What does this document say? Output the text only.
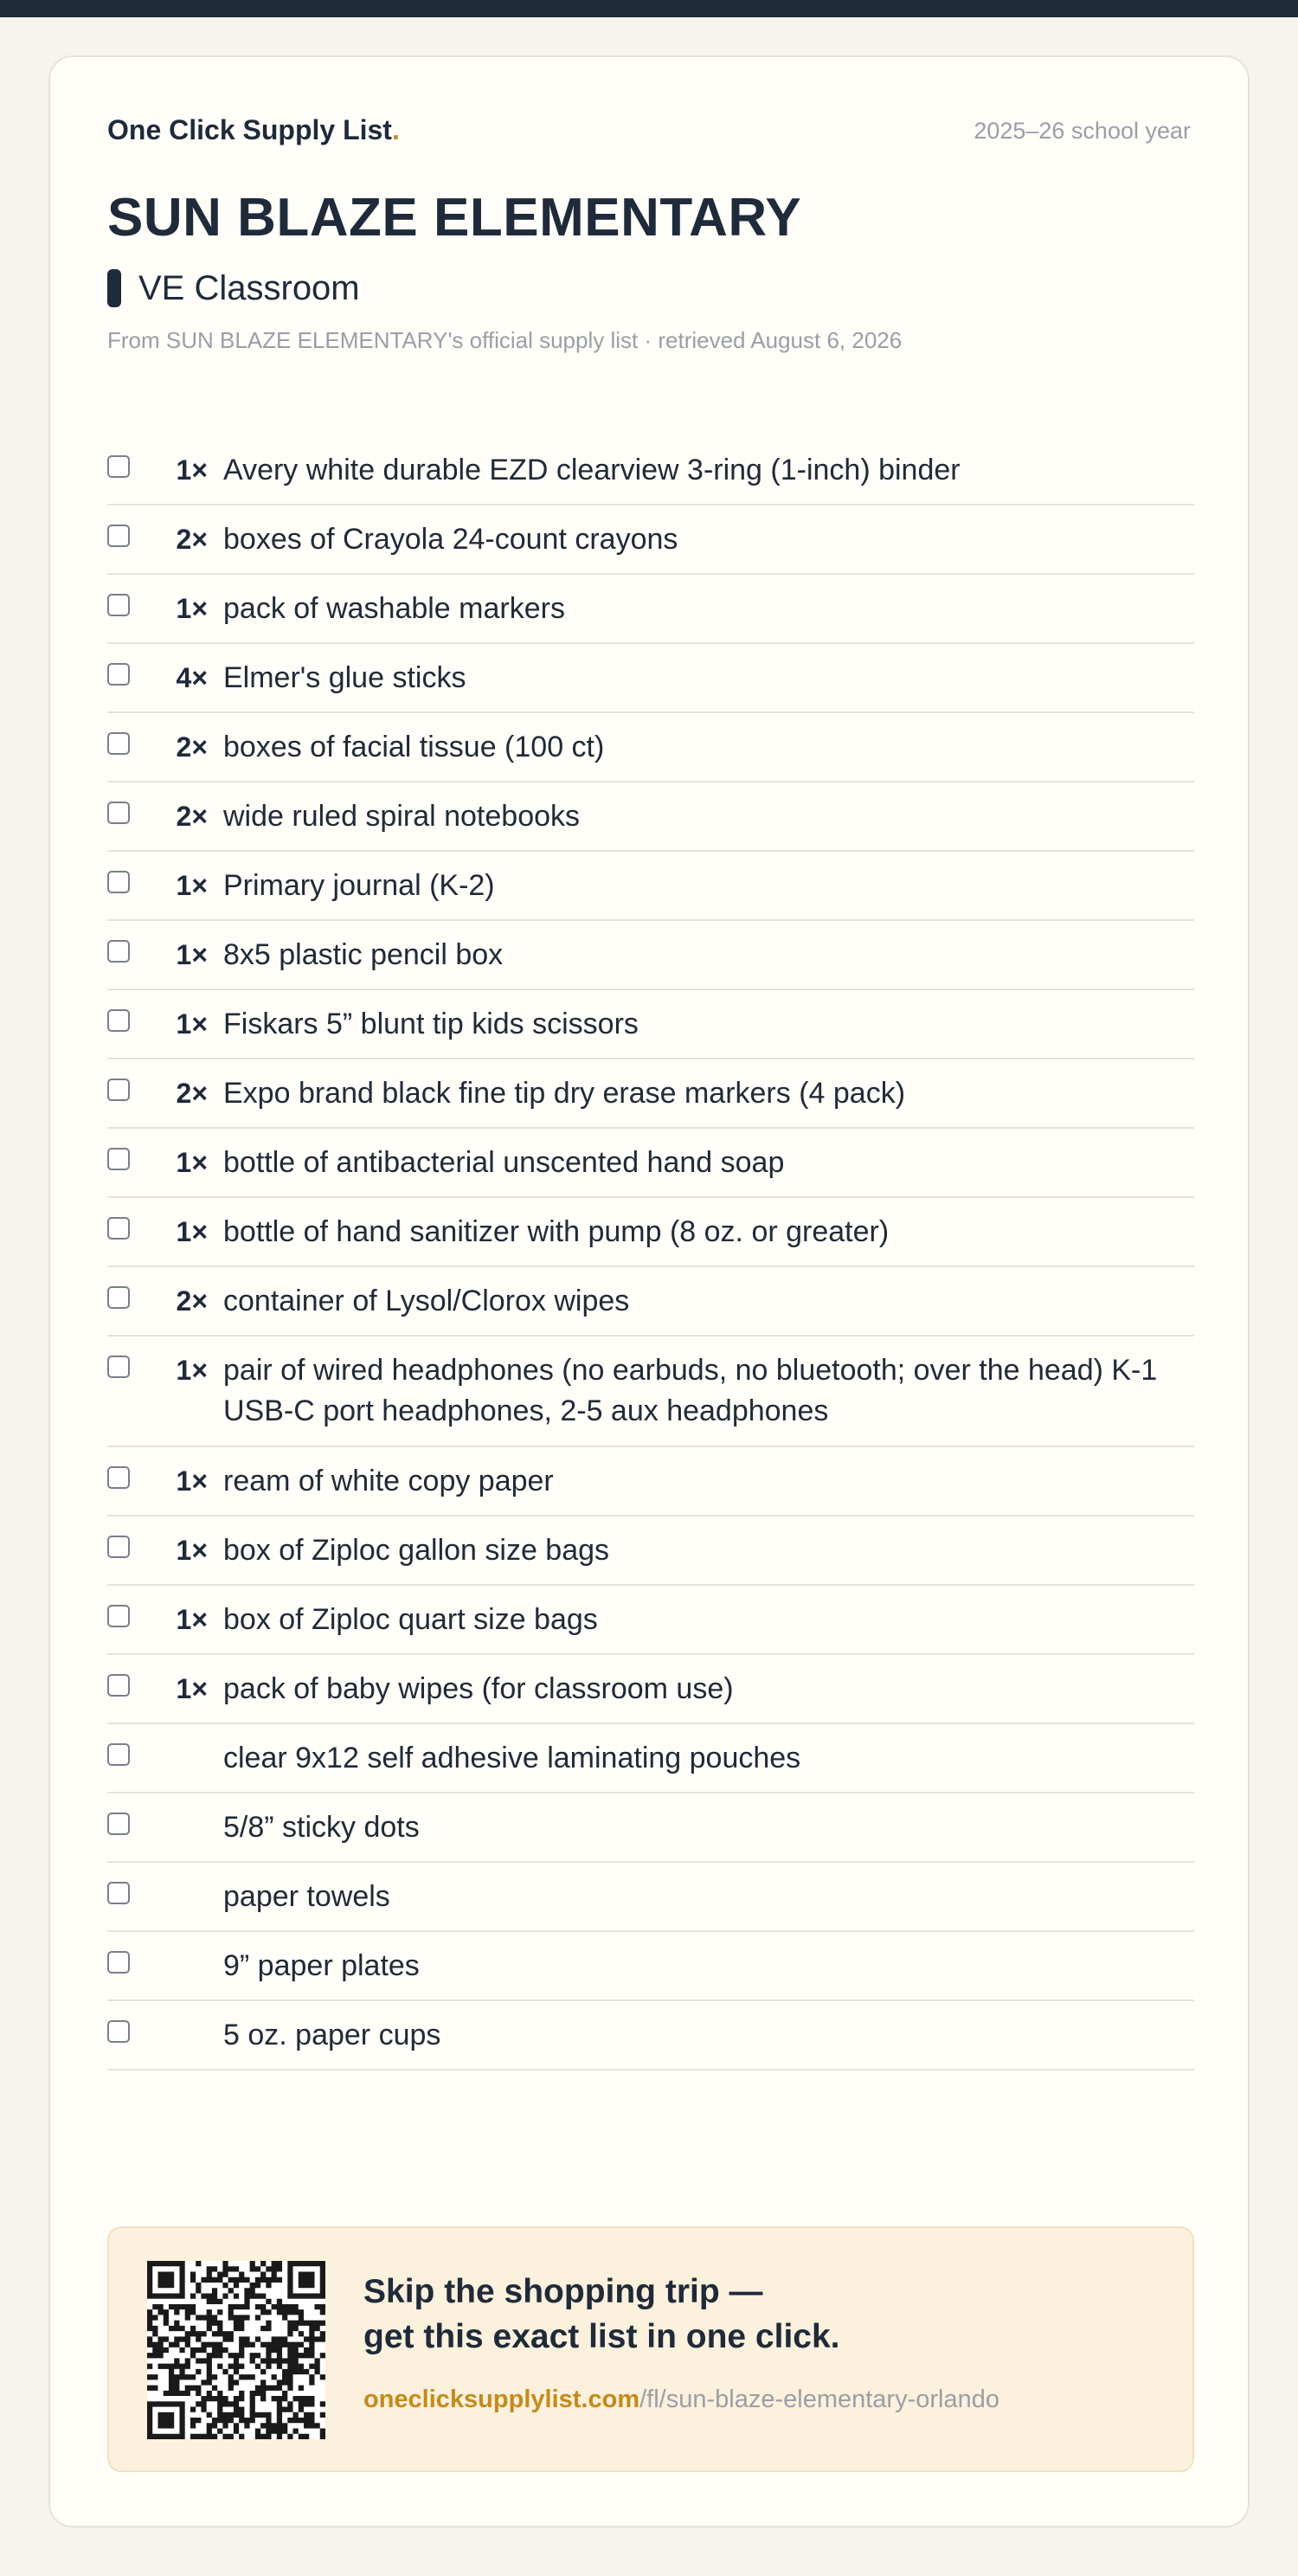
One Click Supply List.	2025–26 school year
SUN BLAZE ELEMENTARY
VE Classroom
From SUN BLAZE ELEMENTARY's official supply list · retrieved August 6, 2026
1× Avery white durable EZD clearview 3-ring (1-inch) binder
2× boxes of Crayola 24-count crayons
1× pack of washable markers
4× Elmer's glue sticks
2× boxes of facial tissue (100 ct)
2× wide ruled spiral notebooks
1× Primary journal (K-2)
1× 8x5 plastic pencil box
1× Fiskars 5” blunt tip kids scissors
2× Expo brand black fine tip dry erase markers (4 pack)
1× bottle of antibacterial unscented hand soap
1× bottle of hand sanitizer with pump (8 oz. or greater)
2× container of Lysol/Clorox wipes
1× pair of wired headphones (no earbuds, no bluetooth; over the head) K-1 USB-C port headphones, 2-5 aux headphones
1× ream of white copy paper
1× box of Ziploc gallon size bags
1× box of Ziploc quart size bags
1× pack of baby wipes (for classroom use)
clear 9x12 self adhesive laminating pouches
5/8” sticky dots
paper towels
9” paper plates
5 oz. paper cups
Skip the shopping trip —
get this exact list in one click.
oneclicksupplylist.com/fl/sun-blaze-elementary-orlando
